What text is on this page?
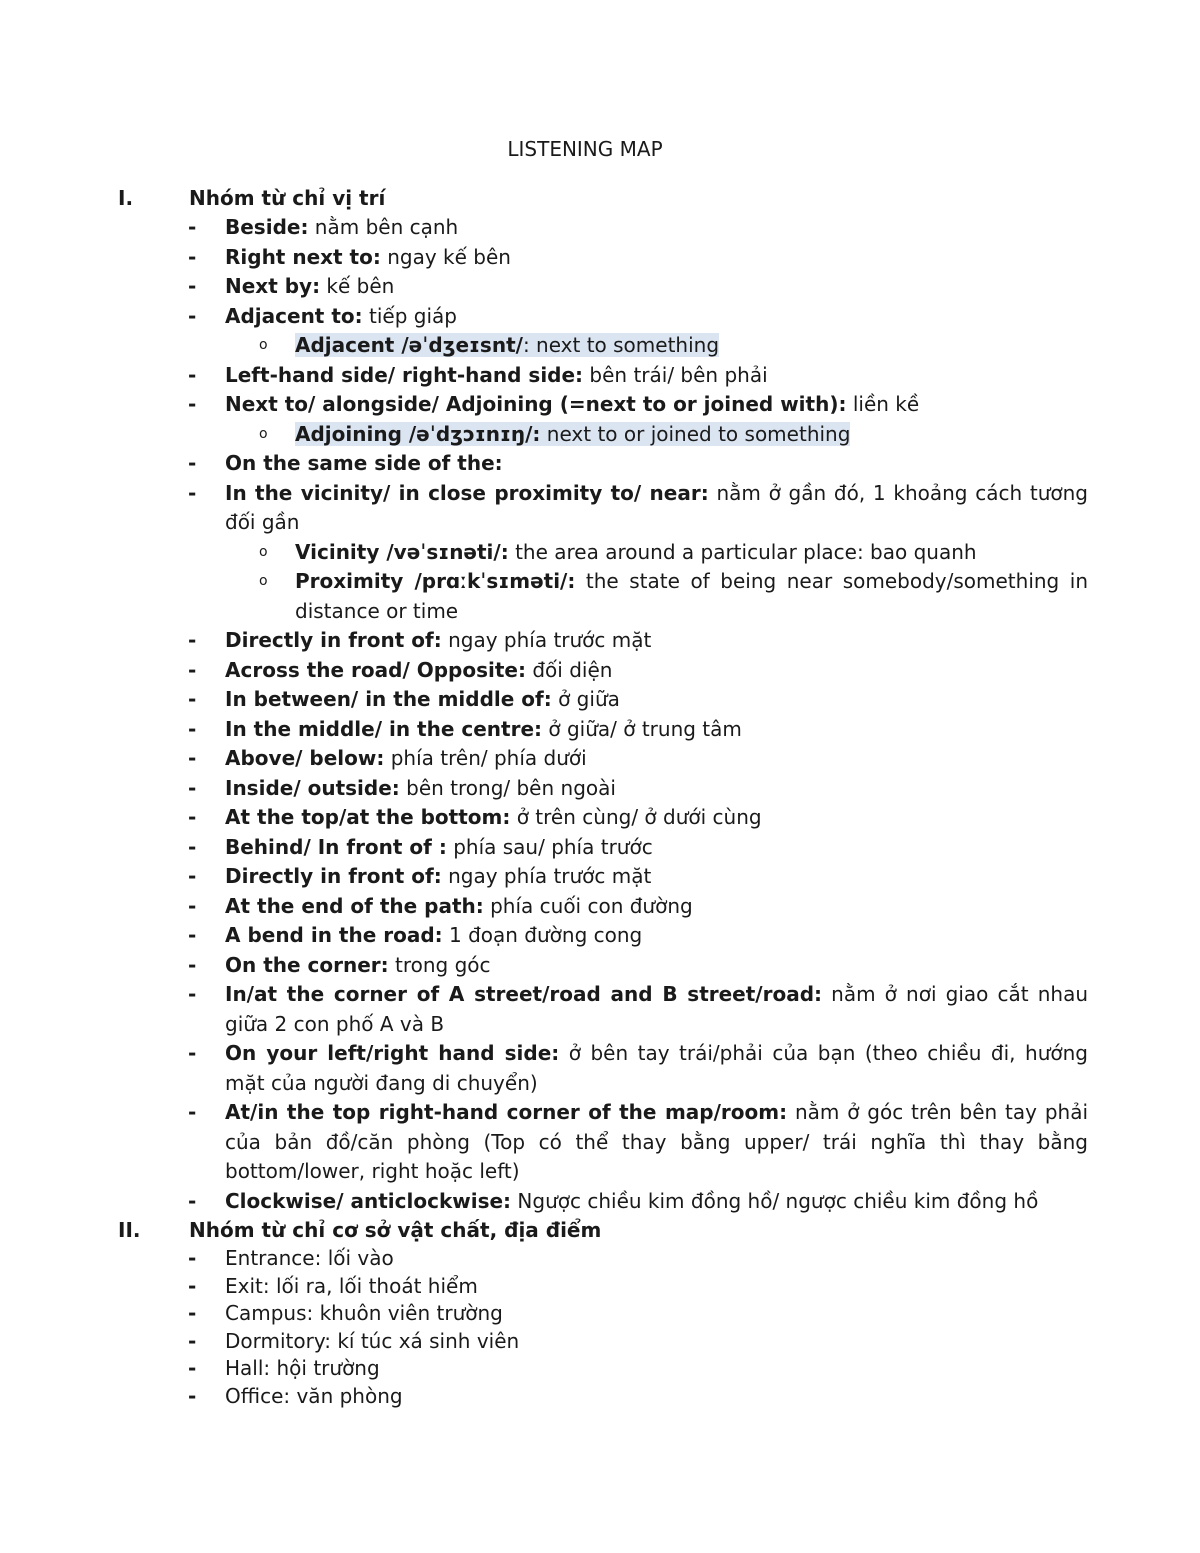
LISTENING MAP
I.	Nhóm từ chỉ vị trí
- Beside: nằm bên cạnh
- Right next to: ngay kế bên
- Next by: kế bên
- Adjacent to: tiếp giáp
o Adjacent /əˈdʒeɪsnt/: next to something
- Left-hand side/ right-hand side: bên trái/ bên phải
- Next to/ alongside/ Adjoining (=next to or joined with): liền kề
o Adjoining /əˈdʒɔɪnɪŋ/: next to or joined to something
- On the same side of the:
- In the vicinity/ in close proximity to/ near: nằm ở gần đó, 1 khoảng cách tương đối gần
o Vicinity /vəˈsɪnəti/: the area around a particular place: bao quanh
o Proximity /prɑːkˈsɪməti/: the state of being near somebody/something in distance or time
- Directly in front of: ngay phía trước mặt
- Across the road/ Opposite: đối diện
- In between/ in the middle of: ở giữa
- In the middle/ in the centre: ở giữa/ ở trung tâm
- Above/ below: phía trên/ phía dưới
- Inside/ outside: bên trong/ bên ngoài
- At the top/at the bottom: ở trên cùng/ ở dưới cùng
- Behind/ In front of : phía sau/ phía trước
- Directly in front of: ngay phía trước mặt
- At the end of the path: phía cuối con đường
- A bend in the road: 1 đoạn đường cong
- On the corner: trong góc
- In/at the corner of A street/road and B street/road: nằm ở nơi giao cắt nhau giữa 2 con phố A và B
- On your left/right hand side: ở bên tay trái/phải của bạn (theo chiều đi, hướng mặt của người đang di chuyển)
- At/in the top right-hand corner of the map/room: nằm ở góc trên bên tay phải của bản đồ/căn phòng (Top có thể thay bằng upper/ trái nghĩa thì thay bằng bottom/lower, right hoặc left)
- Clockwise/ anticlockwise: Ngược chiều kim đồng hồ/ ngược chiều kim đồng hồ
II. Nhóm từ chỉ cơ sở vật chất, địa điểm
- Entrance: lối vào
- Exit: lối ra, lối thoát hiểm
- Campus: khuôn viên trường
- Dormitory: kí túc xá sinh viên
- Hall: hội trường
- Office: văn phòng
